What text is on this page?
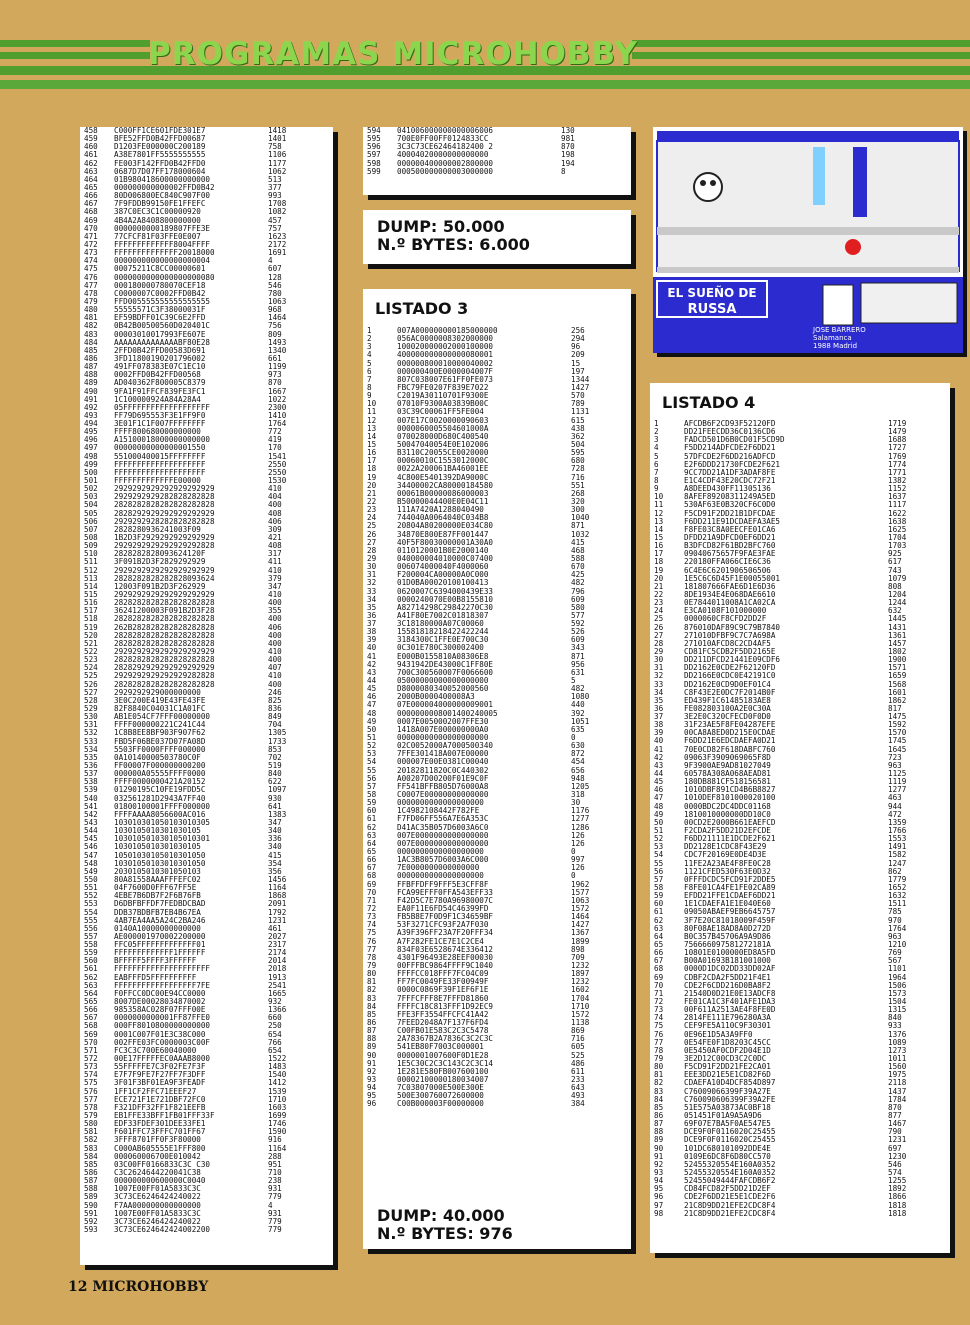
PROGRAMAS MICROHOBBY
458 C000FF1CE601FDE301E7	1418
459 BFE52FFD0B42FFD00687	1401
460 D1203FE000000C200189	758
461 A38E7801FF5555555555	1106
462 FE003F142FFD0B42FFD0	1177
463 0687D7D07FF178000604	1062
464 01B980418600000000000	513
465 000000000000002FFD0B42	377
466 80D006800EC840C907F00	993
467 7F9FDDB99150FE1FFEFC	1708
468 387C0EC3C1C00000920	1082
469 4B4A2A8408800000000	457
470 0000000000189807FFE3E	757
471 77CFCF81F03FFE0E007	1623
472 FFFFFFFFFFFFF8004FFFF	2172
473 FFFFFFFFFFFFFF20018000	1691
474 000000000000000000004	4
475 00075211C8CC00000601	607
476 0000000000000000000080	128
477 000180000780070CEF18	546
478 C0000007C0002FFD0B42	780
479 FFD005555555555555555	1063
480 55555571C3F38000031F	968
481 EF59BDFF01C39C6E2FFD	1464
482 0B42B00500560D020401C	756
483 00003010017993FE607E	809
484 AAAAAAAAAAAAAABF80E28	1493
485 2FFD0B42FFD00583D691	1340
486 3FD11800190201796002	661
487 491FF078383E07C1EC10	1199
488 0002FFD0B42FFD00568	973
489 AD040362F800005C8379	870
490 9FA1F91FFCF839FE3FC1	1667
491 1C100000924A84A28A4	1022
492 05FFFFFFFFFFFFFFFFFFF	2300
493 FF79D695553F3E1FF9F0	1410
494 3E01F1C1F007FFFFFFFF	1764
495 FFFF800680000000000	772
496 A15100018000000000000	419
497 00000000000000001550	170
498 551000400015FFFFFFFF	1541
499 FFFFFFFFFFFFFFFFFFFF	2550
500 FFFFFFFFFFFFFFFFFFFF	2550
501 FFFFFFFFFFFFFE00000	1530
502 2929292929292929292929	410
503 2929292929282828282828	404
504 2828282828282828282828	400
505 2828292929292929292929	408
506 2929292928282828282828	406
507 2828280936241003F09	309
508 1B2D3F2929292929292929	421
509 2929292929292929292828	408
510 2828282828093624120F	317
511 3F091B2D3F2829292929	411
512 2929292929292929292929	410
513 2828282828282828093624	379
514 12003F091B2D3F262929	347
515 2929292929292929292929	410
516 2828282828282828282828	400
517 36241200003F091B2D3F28	355
518 2828282828282828282828	400
519 262B282828282828282828	406
520 2828282828282828282828	400
521 2828282828282828282828	400
522 2929292929292929292929	410
523 2828282828282828282828	400
524 2828292929292929292929	407
525 2929292929292929282828	410
526 2828282828282828282828	400
527 2929292929000000000	246
528 3E0C200E419E43FE43FE	825
529 82F8840C04031C1A01FC	836
530 AB1E054CF7FFF00000000	849
531 FFFF000000221C241C44	704
532 1C8B8EE8BF903F907F62	1305
533 FBD5F06BE037D07FA08D	1733
534 5503FF0000FFFF000000	853
535 0A10140000503780C0F	702
536 FF00007F000000000200	519
537 000000A05555FFFF0000	840
538 FFFF0000000421A20152	622
539 01290195C10FE19FDD5C	1097
540 032561281D2943A7FF40	930
541 01800100001FFFF000000	641
542 FFFFAAAA8056600AC016	1383
543 103010301050103010305	347
544 1030105010301030105	340
545 103010501030105010301	336
546 1030105010301030105	340
547 10501030105010301050	415
548 10301050103010301050	354
549 2030105010301050103	356
550 80A81558AAAFFFEFC02	1456
551 04F7600D0FFF67FF5E	1164
552 4EBE7B6DB7F2F6B76FB	1868
553 D6DBFBFFDF7FEDBDCBAD	2091
554 DDB37BDBFB7EB4B67EA	1792
555 4AB7EA4AA5A24C2BA246	1231
556 0140A10000000000000	461
557 AE000001970002200000	2027
558 FFC05FFFFFFFFFFFFF01	2317
559 FFFFFFFFFFFFF1FFFFFF	2174
560 BFFFFF5FFFF3FFFFFF	2014
561 FFFFFFFFFFFFFFFFFFFFF	2018
562 EABFFFD5FFFFFFFFFF	1913
563 FFFFFFFFFFFFFFFFFF7FE	2541
564 F0FFCC0DC00E94CC0000	1665
565 8007DE00028034870002	932
566 985358AC028F07FFF00E	1366
567 0000000000001FF87FFE0	660
568 000FF8010800000000000	250
569 0001C007F01E3C38C000	654
570 002FFE03FC0000003C00F	766
571 FC3C3C700E60040000	654
572 00E17FFFFFEC0AAAB8000	1522
573 55FFFFFE7C3F02FE7F3F	1483
574 E7F7F9FE7F27FF7F3DFF	1540
575 3F01F3BF01EA9F3FEADF	1412
576 1FF1CF2FFC71EEEF27	1539
577 ECE721F1E721DBF72FC0	1710
578 F321DFF32FF1F821EEFB	1603
579 EB1FFE33BFF1FB01FFF33F	1699
580 EDF33FDEF301DEE33FE1	1746
581 F601FFC73FFFC701FF67	1590
582 3FFF8701FF0F3F80000	916
583 C000AB605555E1FFF800	1164
584 000060006700E010042	288
585 03C00FF0166833C3C C30	951
586 C3C2624644220041C38	710
587 000000000600000C0040	238
588 1007E00FF01A5833C3C	931
589 3C73CE6246424240022	779
590 F7AA000000000000000	4
591 1007E00FF01A5833C3C	931
592 3C73CE6246424240022	779
593 3C73CE624642424002200	779
594 041006000000000006006	130
595 700E0FF00FF0124833CC	981
596 3C3C73CE62464182400 2	870
597 40004020000000000000	198
598 000000400000002800000	194
599 000500000000003000000	8
DUMP: 50.000
N.º BYTES: 6.000
LISTADO 3
1	007A000000000185000000	256
2	056AC0000008302000000	294
3	100020000002000100000	96
4	400000000000000080001	209
5	000000800010000040002	15
6	000000400E0000004007F	197
7	807C038007E61FF0FE073	1344
8	FBC79FE0207F839E7022	1427
9	C2019A30110701F9300E	570
10	07010F9300A03839B00C	789
11	03C39C00061FF5FE004	1131
12	007E17C0020000090603	615
13	0000060005504601000A	438
14	070028000D680C400540	362
15	50047040054E0E102006	504
16	B3110C20055CE0020000	595
17	00060010C1553012000C	680
18	0022A200061BA46001EE	728
19	4C800E5401392DA9000C	716
20	34400002CA80000184580	551
21	00061B00000086000003	268
22	B50000044400E0E04C11	320
23	111A7420A1288040490	300
24	744040A0064040C034B8	1040
25	20804A80200000E034C80	871
26	34870E800E87FF001447	1032
27	40F5F80030000001A30A0	415
28	0110120001B0E2000140	468
29	040000004010000C07400	588
30	006074000040F4000060	670
31	F200004CA00000A0C000	425
32	01D0BA00020100100413	482
33	0620007C6394000439E33	796
34	0000240070E00B8155810	609
35	A82714298C29842270C30	580
36	A41F80E7002C01818307	577
37	3C18180000A07C00060	592
38	15581818218422422244	526
39	3184300C1FFE0E700C30	609
40	0C301E780C300002400	343
41	E000B0155810A08306E8	871
42	9431942DE43000C1FF80E	956
43	700C300560007F0066600	631
44	05000000000000000000	5
45	D8000080340052000560	482
46	2000B0000400008A3	1080
47	07E000004000000009001	440
48	0000000008001400240005	392
49	0007E0050002007FFE30	1051
50	1418A007E000000000A0	635
51	00000000000000000000	0
52	02C0052000A7000500340	630
53	7FFE301418A007E00000	872
54	000007E00E0381C00040	454
55	20182811820C0C440302	656
56	A00207D00200F01E9C0F	948
57	FF541BFFB805D76000A8	1205
58	C0007E00000000000000	318
59	0000000000000000000	30
60	1C4982108442F782FE	1176
61	F7FD06FF556A7E6A353C	1277
62	D41AC35B057D6003A6C0	1286
63	007E0000000000000000	126
64	007E0000000000000000	126
65	0000000000000000000	0
66	1AC3B8057D6003A6C000	997
67	7E0000000000000000	126
68	0000000000000000000	0
69	FFBFFDFF9FFF5E3CFF8F	1962
70	FCA99EFFF0FFA543EFF33	1577
71	F42D5C7E780A96980007C	1063
72	EA0F11E6FD54C46399FD	1572
73	FB5B8E7F0D9F1C34659BF	1464
74	53F3271CFC93F2A7F030	1427
75	A39F396FF23A7F20FFF34	1367
76	A7F282FE1CE7E1C2CE4	1899
77	834F03E6528674E336412	898
78	4301F96493E28EEF00030	709
79	00FFFBC9864FFFF9C1040	1232
80	FFFFCC018FFF7FC04C09	1897
81	FF7FC0049FE33F00949F	1232
82	0000C0869F39F1EF6F1E	1602
83	7FFFCFFF8E7FFFD81860	1704
84	FFFFC18C813FFF1D92EC9	1710
85	FFE3FF3554FFCFC41A42	1572
86	7FEED2048A7F137F6FD4	1138
87	C00FB01E583C2C3C5478	869
88	2A78367B2A7836C3C2C3C	716
89	541EB80F7003C000001	605
90	0000001007600F0D1E28	525
91	1E5C30C2C3C143C2C3C14	486
92	1E281E580FB007600100	611
93	00002100000180034007	233
94	7C03807000E500E300E	643
95	500E300760072600000	493
96	C00B000003F00000000	384
DUMP: 40.000
N.º BYTES: 976
EL SUEÑO DE
RUSSA
JOSE BARRERO
Salamanca
1988 Madrid
LISTADO 4
1	AFCDB6F2CD93F52120FD	1719
2	DD21FEECDD36C0136CD6	1479
3	FADCD501D6B0CD01F5CD9D	1688
4	F5DD214ADFCDE2F6DD21	1727
5	57DFCDE2F6DD216ADFCD	1769
6	E2F6DDD21730FCDE2F621	1774
7	9CC7DD21A1DF3ADAF8FE	1771
8	E1C4CDF43E20CDC72F21	1382
9	A8DEED430FF11305136	1152
10	8AFEF89208311249A5ED	1637
11	530AF63E0B320CF6C0D0	1117
12	F5CD91F2DD21B1DFCDAE	1622
13	F6DD211E91DCDAEFA3AE5	1638
14	F8FE03C8A0EECFE01CA6	1625
15	DFDD21A9DFCD0EF6DD21	1704
16	B3DFCD82F61BD2BFC760	1703
17	09040675657F9FAE3FAE	925
18	220180FFA066CIE6C36	617
19	6C4E6C6201906506506	743
20	1E5C6C6D45F1E00055001	1079
21	181807666FAE6D1E6D36	808
22	8DE1934E4E068DAE6610	1204
23	0E7844011008A1CA02CA	1244
24	E3CA0108F101000000	632
25	0000060CF8CFD2DD2F	1445
26	876010DAF89C9C79B7840	1431
27	271010DFBF9C7C7A698A	1361
28	271010AFCD8C2CD4AF5	1457
29	CD81FC5CDB2F5DD2165E	1802
30	DD211DFCD21441E09CDF6	1900
31	DD2162E0CDE2F62120FD	1571
32	DD2166E0CDC0E42191C0	1659
33	DD2162E0CD9D0EF01C4	1568
34	C8F43E2E0DC7F2014B0F	1601
35	ED439F1C61485183AE8	1862
36	FE082803100A2E0C30A	817
37	3E2E0C320CFECD0F0D0	1475
38	31F23AE5F8FE04287EFE	1592
39	00CA8A8ED0D215E0CDAE	1570
40	F6DD21E6EDCDAEFA0D21	1745
41	70E0CD82F618DABFC760	1645
42	09063F3909069065F8D	723
43	9F3900AE9AD81027049	963
44	60578A308A068AEAD81	1125
45	180DB881CF518156581	1119
46	1010DBF891CD4B6B8827	1277
47	1010DEF8101000020100	463
48	0000BDC2DC4DDC01168	944
49	1810010000000DD10C0	472
50	00CD2E2000B661EAEFCD	1359
51	F2CDA2F5DD21D2EFCDE	1766
52	F6DD21111E1DCDE2F621	1553
53	DD2128E1CDC8F43E29	1491
54	CDC7F20169E0DE4D3E	1582
55	11FE2A23AE4F8FE0C28	1247
56	1121CFED530F63E0D32	862
57	0FFFDCDC5FCD91F2DDE5	1779
58	F8FE01CA4FE1FE02CA89	1652
59	EFDD21FFE1CDAEF6DD21	1632
60	1E1CDAEFA1E1E040E60	1511
61	09050ABAEF9EB6645757	785
62	3F7E20C81018009F459F	970
63	80F08AE18AD8A0D272D	1764
64	B0C357B45706A9A9D86	963
65	756666097581272181A	1210
66	10801E0100000ED8A5FD	769
67	B00A01693B181001000	567
68	0000D1DC02DD33DD02AF	1101
69	CDBF2CDA2F5DD21F4E1	1964
70	CDE2F6CDD216D0BA8F2	1506
71	21540D0D21E0E13ADCF8	1573
72	FE01CA1C3F401AFE1DA3	1504
73	00F611A2513AE4F8FE0D	1315
74	2814FE111E796280A3A	840
75	CEF9FE5A110C9F30301	933
76	0E96E1D5A3A9FF0	1376
77	0E54FE0F1D8203C45CC	1089
78	0E5450AF0CDF2D04E1D	1273
79	3E2D12C00CD3C2C0DC	1011
80	F5CD91F2DD21FE2CA01	1560
81	EEE3DD21E5E1CD82F6D	1975
82	CDAEFA10D4DCF854D897	2118
83	C76009066399F39A27E	1437
84	C760090606399F39A2FE	1784
85	51E575A03873AC0BF18	870
86	051451F01A9A5A9D6	877
87	69F07E7BA5F0AE547E5	1467
88	DCE9F0F0116020C25455	790
89	DCE9F0F0116020C25455	1231
90	101DC680101092DDE4E	697
91	0109E6DC8F6D80CC570	1230
92	52455320554E160A0352	546
93	52455320554E160A0352	574
94	52455049444FAFCDB6F2	1255
95	CD84FCD82F5DD21D2EF	1892
96	CDE2F6DD21E5E1CDE2F6	1866
97	21C8D9DD21EFE2CDC8F4	1818
98	21C8D9DD21EFE2CDC8F4	1818
12 MICROHOBBY
